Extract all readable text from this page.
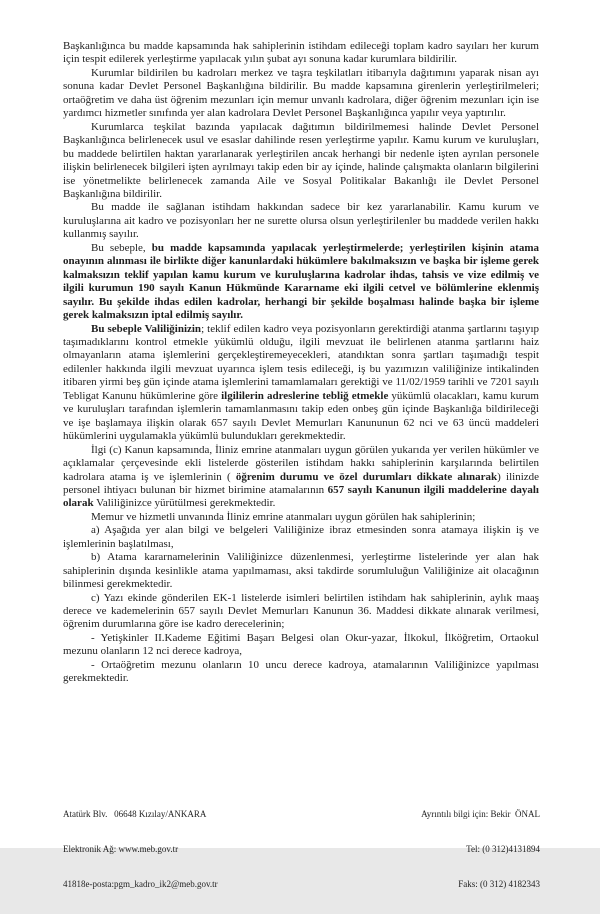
Başkanlığınca bu madde kapsamında hak sahiplerinin istihdam edileceği toplam kadro sayıları her kurum için tespit edilerek yerleştirme yapılacak yılın şubat ayı sonuna kadar kurumlara bildirilir.

Kurumlar bildirilen bu kadroları merkez ve taşra teşkilatları itibarıyla dağıtımını yaparak nisan ayı sonuna kadar Devlet Personel Başkanlığına bildirilir. Bu madde kapsamına girenlerin yerleştirilmeleri; ortaöğretim ve daha üst öğrenim mezunları için memur unvanlı kadrolara, diğer öğrenim mezunları için ise yardımcı hizmetler sınıfında yer alan kadrolara Devlet Personel Başkanlığınca yapılır veya yaptırılır.

Kurumlarca teşkilat bazında yapılacak dağıtımın bildirilmemesi halinde Devlet Personel Başkanlığınca belirlenecek usul ve esaslar dahilinde resen yerleştirme yapılır. Kamu kurum ve kuruluşları, bu maddede belirtilen haktan yararlanarak yerleştirilen ancak herhangi bir nedenle işten ayrılan personele ilişkin belirlenecek bilgileri işten ayrılmayı takip eden bir ay içinde, halinde çalışmakta olanların bilgilerini ise yönetmelikte belirlenecek zamanda Aile ve Sosyal Politikalar Bakanlığı ile Devlet Personel Başkanlığına bildirilir.

Bu madde ile sağlanan istihdam hakkından sadece bir kez yararlanabilir. Kamu kurum ve kuruluşlarına ait kadro ve pozisyonları her ne surette olursa olsun yerleştirilenler bu maddede verilen hakkı kullanmış sayılır.

Bu sebeple, bu madde kapsamında yapılacak yerleştirmelerde; yerleştirilen kişinin atama onayının alınması ile birlikte diğer kanunlardaki hükümlere bakılmaksızın ve başka bir işleme gerek kalmaksızın teklif yapılan kamu kurum ve kuruluşlarına kadrolar ihdas, tahsis ve vize edilmiş ve ilgili kurumun 190 sayılı Kanun Hükmünde Kararname eki ilgili cetvel ve bölümlerine eklenmiş sayılır. Bu şekilde ihdas edilen kadrolar, herhangi bir şekilde boşalması halinde başka bir işleme gerek kalmaksızın iptal edilmiş sayılır.

Bu sebeple Valiliğinizin; teklif edilen kadro veya pozisyonların gerektirdiği atanma şartlarını taşıyıp taşımadıklarını kontrol etmekle yükümlü olduğu, ilgili mevzuat ile belirlenen atanma şartlarını haiz olmayanların atama işlemlerini gerçekleştiremeyecekleri, atandıktan sonra şartları taşımadığı tespit edilenler hakkında ilgili mevzuat uyarınca işlem tesis edileceği, iş bu yazımızın valiliğinize intikalinden itibaren yirmi beş gün içinde atama işlemlerini tamamlamaları gerektiği ve 11/02/1959 tarihli ve 7201 sayılı Tebligat Kanunu hükümlerine göre ilgililerin adreslerine tebliğ etmekle yükümlü olacakları, kamu kurum ve kuruluşları tarafından işlemlerin tamamlanmasını takip eden onbeş gün içinde Başkanlığa bildirileceği ve işe başlamaya ilişkin olarak 657 sayılı Devlet Memurları Kanununun 62 nci ve 63 üncü maddeleri hükümlerini uygulamakla yükümlü bulundukları gerekmektedir.

İlgi (c) Kanun kapsamında, İliniz emrine atanmaları uygun görülen yukarıda yer verilen hükümler ve açıklamalar çerçevesinde ekli listelerde gösterilen istihdam hakkı sahiplerinin karşılarında belirtilen kadrolara atama iş ve işlemlerinin ( öğrenim durumu ve özel durumları dikkate alınarak) ilinizde personel ihtiyacı bulunan bir hizmet birimine atamalarının 657 sayılı Kanunun ilgili maddelerine dayalı olarak Valiliğinizce yürütülmesi gerekmektedir.

Memur ve hizmetli unvanında İliniz emrine atanmaları uygun görülen hak sahiplerinin;

a) Aşağıda yer alan bilgi ve belgeleri Valiliğinize ibraz etmesinden sonra atamaya ilişkin iş ve işlemlerinin başlatılması,

b) Atama kararnamelerinin Valiliğinizce düzenlenmesi, yerleştirme listelerinde yer alan hak sahiplerinin dışında kesinlikle atama yapılmaması, aksi takdirde sorumluluğun Valiliğinize ait olacağının bilinmesi gerekmektedir.

c) Yazı ekinde gönderilen EK-1 listelerde isimleri belirtilen istihdam hak sahiplerinin, aylık maaş derece ve kademelerinin 657 sayılı Devlet Memurları Kanunun 36. Maddesi dikkate alınarak verilmesi, öğrenim durumlarına göre ise kadro derecelerinin;

- Yetişkinler II.Kademe Eğitimi Başarı Belgesi olan Okur-yazar, İlkokul, İlköğretim, Ortaokul mezunu olanların 12 nci derece kadroya,

- Ortaöğretim mezunu olanların 10 uncu derece kadroya, atamalarının Valiliğinizce yapılması gerekmektedir.

Atatürk Blv.   06648 Kızılay/ANKARA

Elektronik Ağ: www.meb.gov.tr

41818e-posta:pgm_kadro_ik2@meb.gov.tr

Ayrıntılı bilgi için: Bekir  ÖNAL

Tel: (0 312)4131894

Faks: (0 312) 4182343
